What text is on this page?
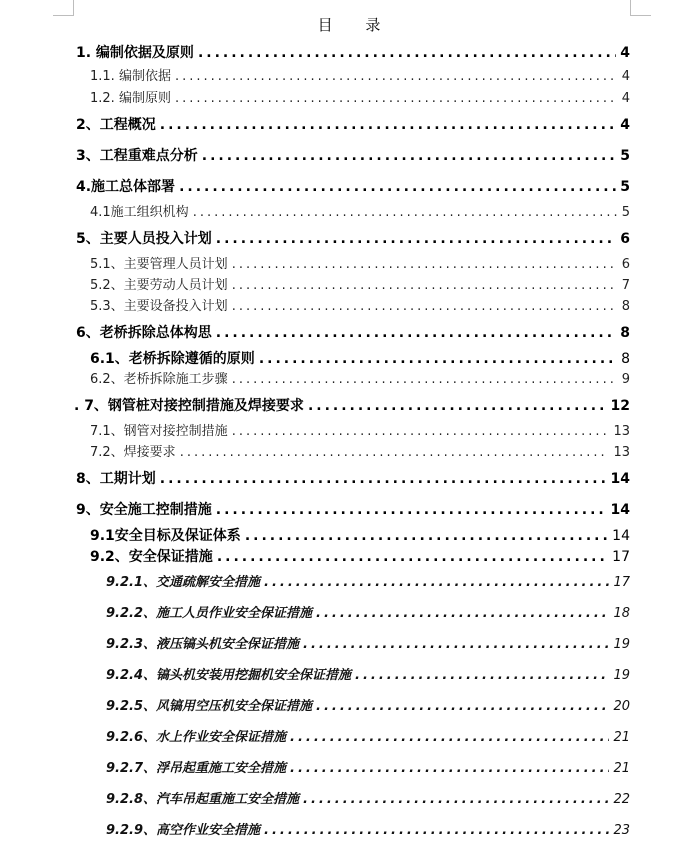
目 录
1. 编制依据及原则 .....	4
1.1. 编制依据 .....	4
1.2. 编制原则 .....	4
2、工程概况 .....	4
3、工程重难点分析 .....	5
4.施工总体部署 .....	5
4.1施工组织机构 .....	5
5、主要人员投入计划 .....	6
5.1、主要管理人员计划 .....	6
5.2、主要劳动人员计划 .....	7
5.3、主要设备投入计划 .....	8
6、老桥拆除总体构思 .....	8
6.1、老桥拆除遵循的原则 .....	8
6.2、老桥拆除施工步骤 .....	9
. 7、钢管桩对接控制措施及焊接要求 .....	12
7.1、钢管对接控制措施 .....	13
7.2、焊接要求 .....	13
8、工期计划 .....	14
9、安全施工控制措施 .....	14
9.1安全目标及保证体系 .....	14
9.2、安全保证措施 .....	17
9.2.1、交通疏解安全措施 .....	17
9.2.2、施工人员作业安全保证措施 .....	18
9.2.3、液压镐头机安全保证措施 .....	19
9.2.4、镐头机安装用挖掘机安全保证措施 .....	19
9.2.5、风镐用空压机安全保证措施 .....	20
9.2.6、水上作业安全保证措施 .....	21
9.2.7、浮吊起重施工安全措施 .....	21
9.2.8、汽车吊起重施工安全措施 .....	22
9.2.9、高空作业安全措施 .....	23
